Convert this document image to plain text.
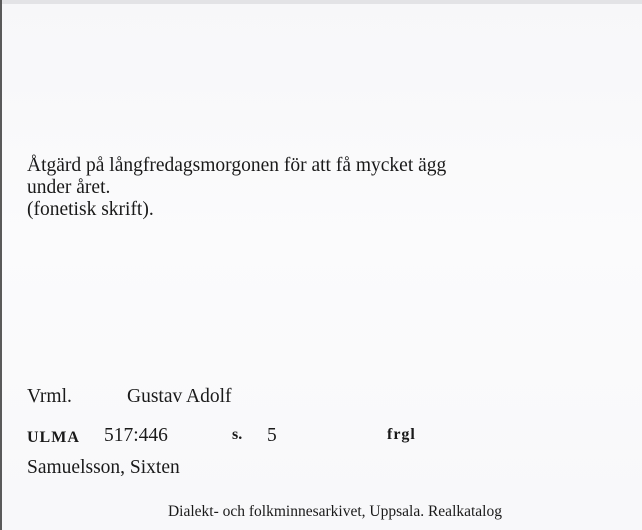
Åtgärd på långfredagsmorgonen för att få mycket ägg
under året.
(fonetisk skrift).
Vrml.	Gustav Adolf
ULMA 517:446	s. 5	frgl
Samuelsson, Sixten
Dialekt- och folkminnesarkivet, Uppsala. Realkatalog
